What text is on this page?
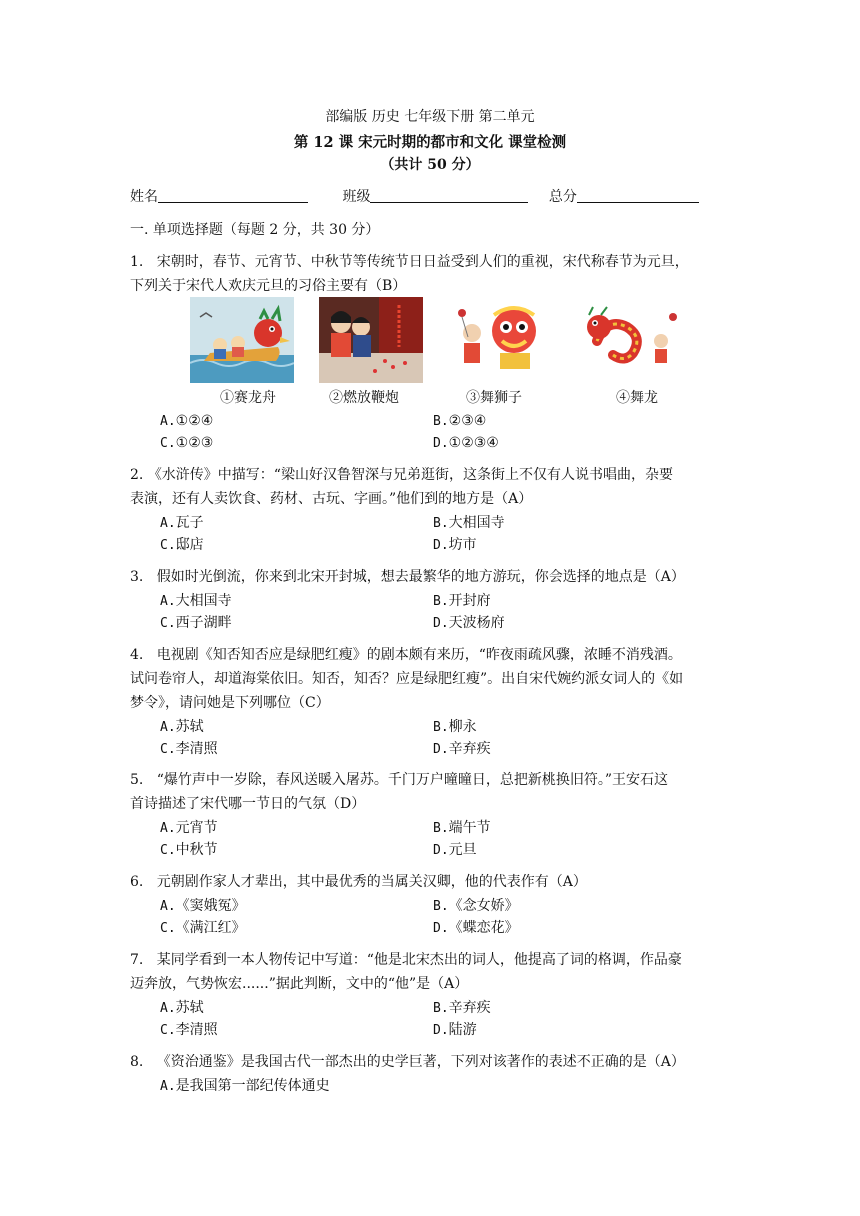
部编版 历史 七年级下册 第二单元
第 12 课 宋元时期的都市和文化 课堂检测
（共计 50 分）
姓名	班级	总分
一. 单项选择题（每题 2 分，共 30 分）
1. 宋朝时，春节、元宵节、中秋节等传统节日日益受到人们的重视，宋代称春节为元旦，
下列关于宋代人欢庆元旦的习俗主要有（B）
①赛龙舟	②燃放鞭炮	③舞狮子	④舞龙
A.①②④	B.②③④
C.①②③	D.①②③④
2. 《水浒传》中描写：“梁山好汉鲁智深与兄弟逛街，这条街上不仅有人说书唱曲，杂要
表演，还有人卖饮食、药材、古玩、字画。”他们到的地方是（A）
A.瓦子	B.大相国寺
C.邸店	D.坊市
3. 假如时光倒流，你来到北宋开封城，想去最繁华的地方游玩，你会选择的地点是（A）
A.大相国寺	B.开封府
C.西子湖畔	D.天波杨府
4. 电视剧《知否知否应是绿肥红瘦》的剧本颇有来历，“昨夜雨疏风骤，浓睡不消残酒。
试问卷帘人，却道海棠依旧。知否，知否？应是绿肥红瘦”。出自宋代婉约派女词人的《如
梦令》，请问她是下列哪位（C）
A.苏轼	B.柳永
C.李清照	D.辛弃疾
5. “爆竹声中一岁除，春风送暖入屠苏。千门万户曈曈日，总把新桃换旧符。”王安石这
首诗描述了宋代哪一节日的气氛（D）
A.元宵节	B.端午节
C.中秋节	D.元旦
6. 元朝剧作家人才辈出，其中最优秀的当属关汉卿，他的代表作有（A）
A.《窦娥冤》	B.《念女娇》
C.《满江红》	D.《蝶恋花》
7. 某同学看到一本人物传记中写道：“他是北宋杰出的词人，他提高了词的格调，作品豪
迈奔放，气势恢宏......”据此判断，文中的“他”是（A）
A.苏轼	B.辛弃疾
C.李清照	D.陆游
8. 《资治通鉴》是我国古代一部杰出的史学巨著，下列对该著作的表述不正确的是（A）
A.是我国第一部纪传体通史
